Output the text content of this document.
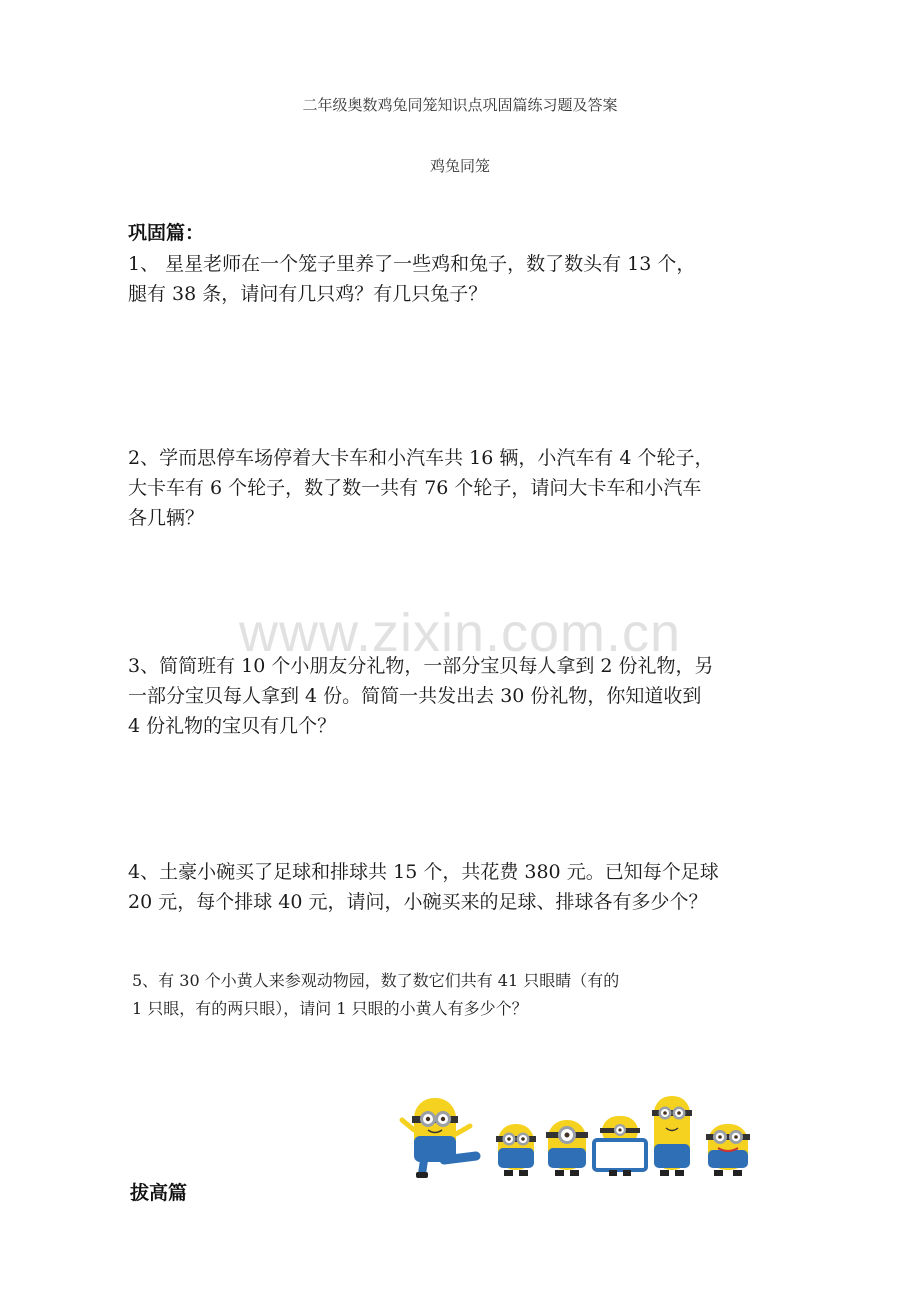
二年级奥数鸡兔同笼知识点巩固篇练习题及答案
鸡兔同笼
巩固篇：
1、 星星老师在一个笼子里养了一些鸡和兔子，数了数头有 13 个，
腿有 38 条，请问有几只鸡？有几只兔子？
2、学而思停车场停着大卡车和小汽车共 16 辆，小汽车有 4 个轮子，
大卡车有 6 个轮子，数了数一共有 76 个轮子，请问大卡车和小汽车
各几辆？
www.zixin.com.cn
3、简简班有 10 个小朋友分礼物，一部分宝贝每人拿到 2 份礼物，另
一部分宝贝每人拿到 4 份。简简一共发出去 30 份礼物，你知道收到
4 份礼物的宝贝有几个？
4、土豪小碗买了足球和排球共 15 个，共花费 380 元。已知每个足球
20 元，每个排球 40 元，请问，小碗买来的足球、排球各有多少个？
5、有 30 个小黄人来参观动物园，数了数它们共有 41 只眼睛（有的
1 只眼，有的两只眼），请问 1 只眼的小黄人有多少个？
拔高篇
